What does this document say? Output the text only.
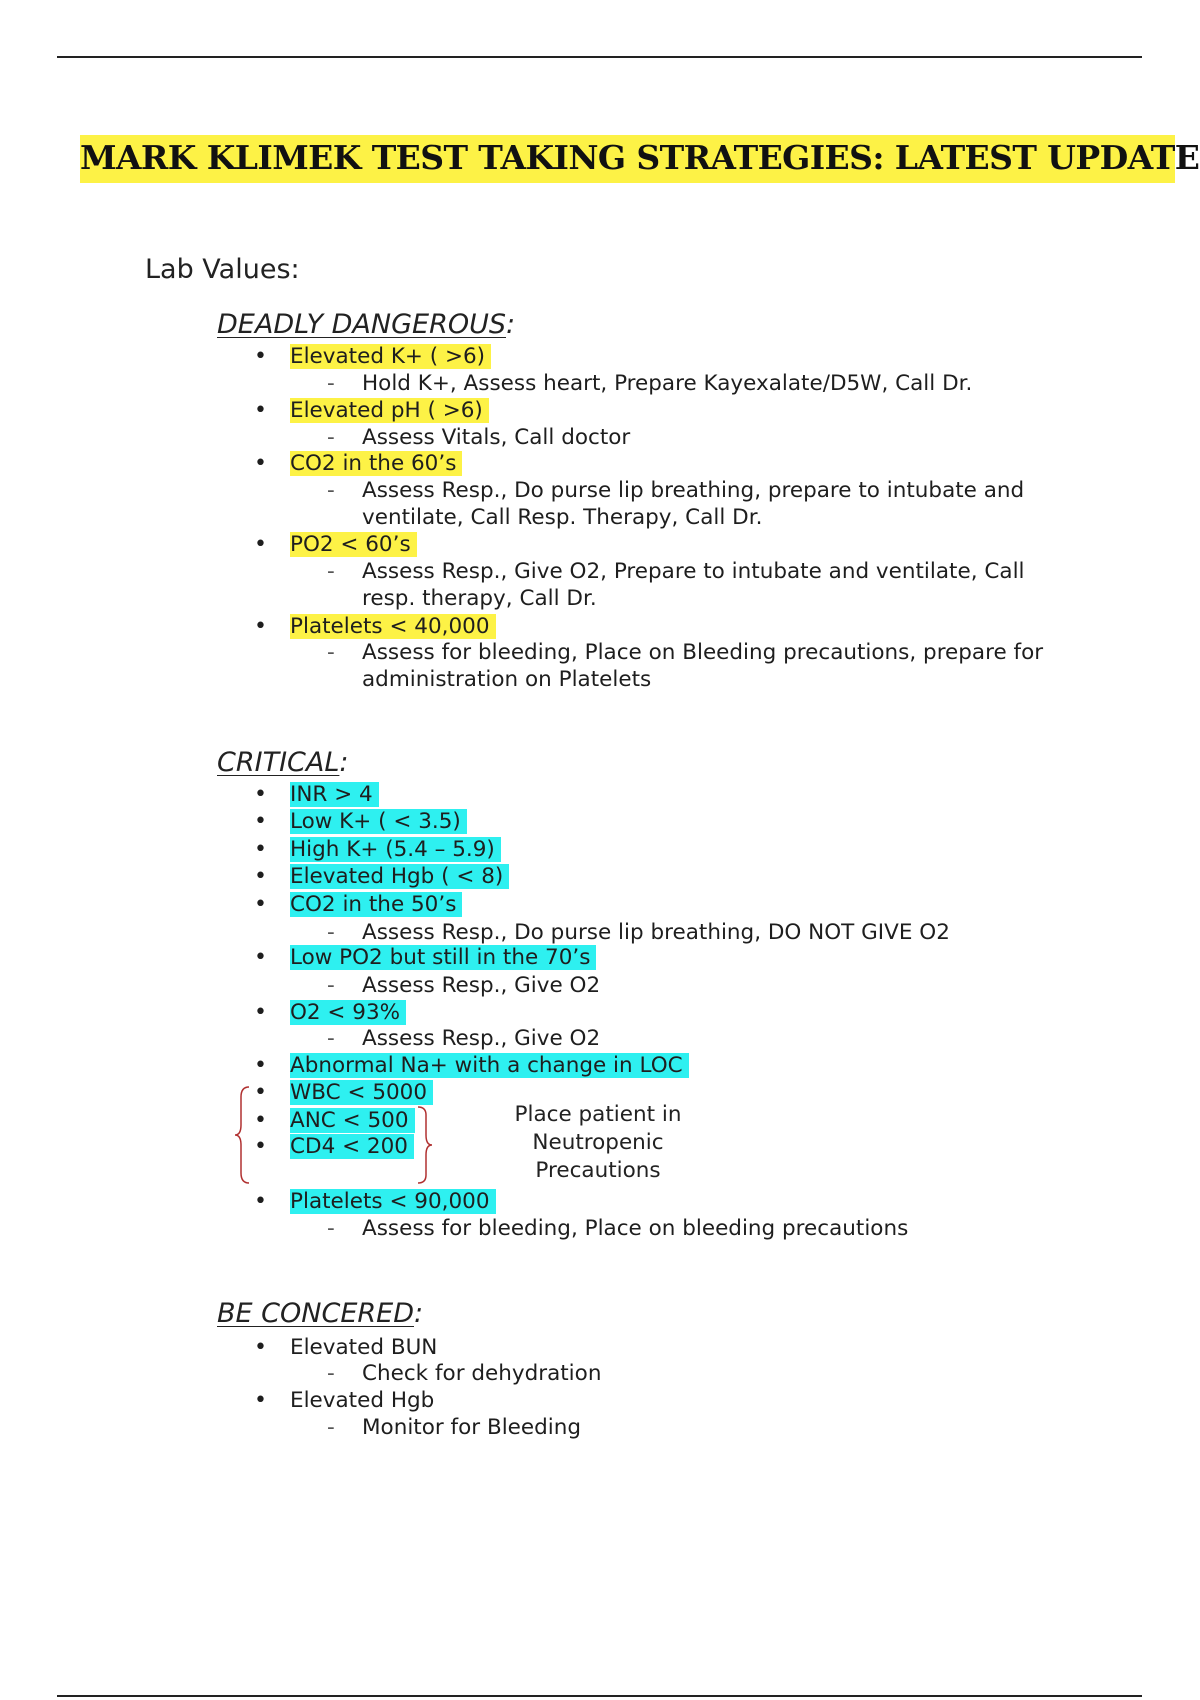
MARK KLIMEK TEST TAKING STRATEGIES: LATEST UPDATE
Lab Values:
DEADLY DANGEROUS:
• Elevated K+ ( >6)
- Hold K+, Assess heart, Prepare Kayexalate/D5W, Call Dr.
• Elevated pH ( >6)
- Assess Vitals, Call doctor
• CO2 in the 60’s
- Assess Resp., Do purse lip breathing, prepare to intubate and ventilate, Call Resp. Therapy, Call Dr.
• PO2 < 60’s
- Assess Resp., Give O2, Prepare to intubate and ventilate, Call resp. therapy, Call Dr.
• Platelets < 40,000
- Assess for bleeding, Place on Bleeding precautions, prepare for administration on Platelets
CRITICAL:
• INR > 4
• Low K+ ( < 3.5)
• High K+ (5.4 – 5.9)
• Elevated Hgb ( < 8)
• CO2 in the 50’s
- Assess Resp., Do purse lip breathing, DO NOT GIVE O2
• Low PO2 but still in the 70’s
- Assess Resp., Give O2
• O2 < 93%
- Assess Resp., Give O2
• Abnormal Na+ with a change in LOC
• WBC < 5000
• ANC < 500
• CD4 < 200
Place patient in Neutropenic Precautions
• Platelets < 90,000
- Assess for bleeding, Place on bleeding precautions
BE CONCERED:
• Elevated BUN
- Check for dehydration
• Elevated Hgb
- Monitor for Bleeding
